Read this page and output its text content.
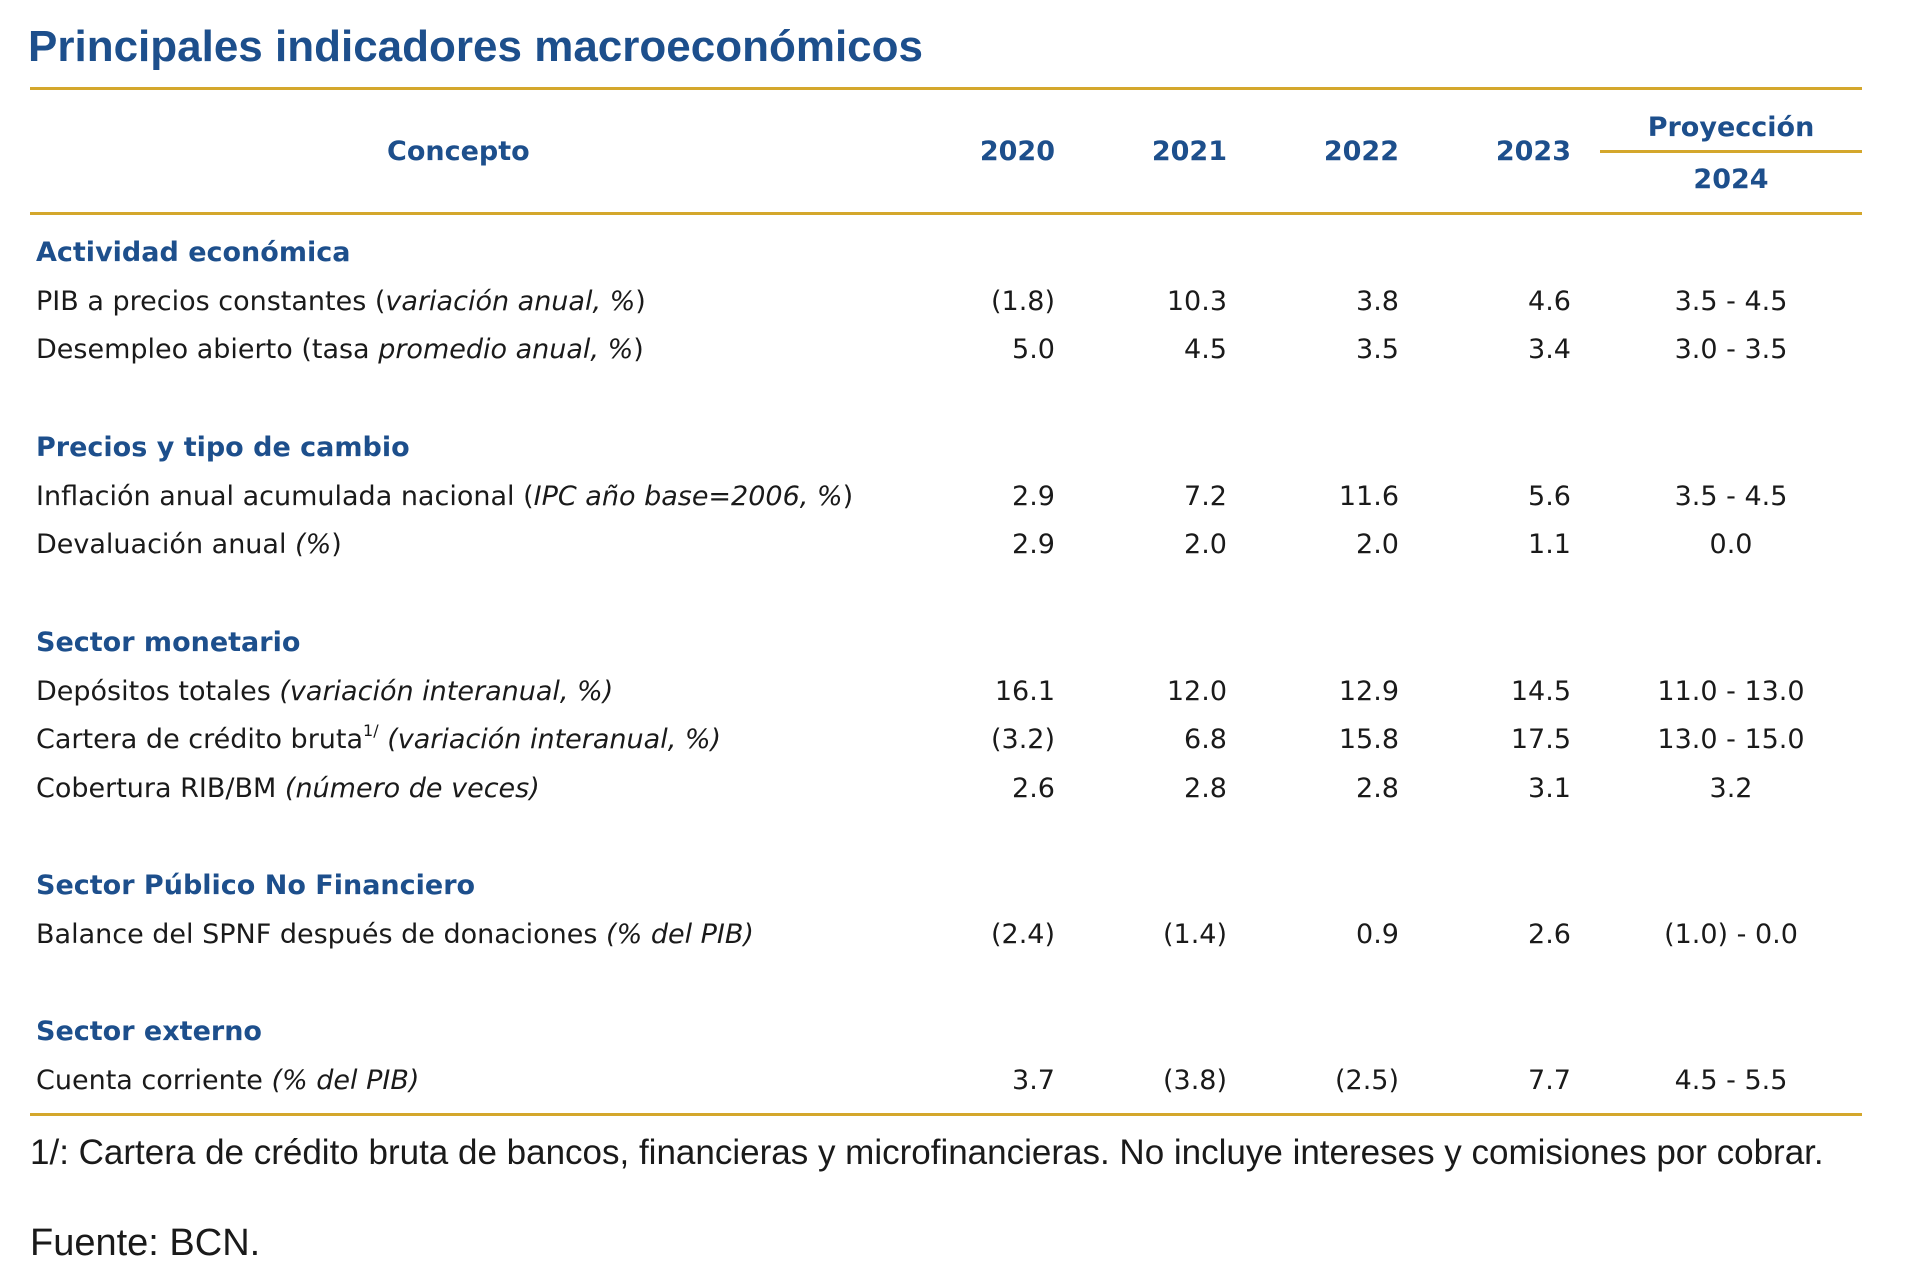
Principales indicadores macroeconómicos
Concepto	2020	2021	2022	2023
Proyección
2024
Actividad económica
PIB a precios constantes (variación anual, %)	(1.8)	10.3	3.8	4.6	3.5 - 4.5
Desempleo abierto (tasa promedio anual, %)	5.0	4.5	3.5	3.4	3.0 - 3.5
Precios y tipo de cambio
Inflación anual acumulada nacional (IPC año base=2006, %)	2.9	7.2	11.6	5.6	3.5 - 4.5
Devaluación anual (%)	2.9	2.0	2.0	1.1	0.0
Sector monetario
Depósitos totales (variación interanual, %)	16.1	12.0	12.9	14.5	11.0 - 13.0
Cartera de crédito bruta$^{1/}$ (variación interanual, %)	(3.2)	6.8	15.8	17.5	13.0 - 15.0
Cobertura RIB/BM (número de veces)	2.6	2.8	2.8	3.1	3.2
Sector Público No Financiero
Balance del SPNF después de donaciones (% del PIB)	(2.4)	(1.4)	0.9	2.6	(1.0) - 0.0
Sector externo
Cuenta corriente (% del PIB)	3.7	(3.8)	(2.5)	7.7	4.5 - 5.5
1/: Cartera de crédito bruta de bancos, financieras y microfinancieras. No incluye intereses y comisiones por cobrar.
Fuente: BCN.
